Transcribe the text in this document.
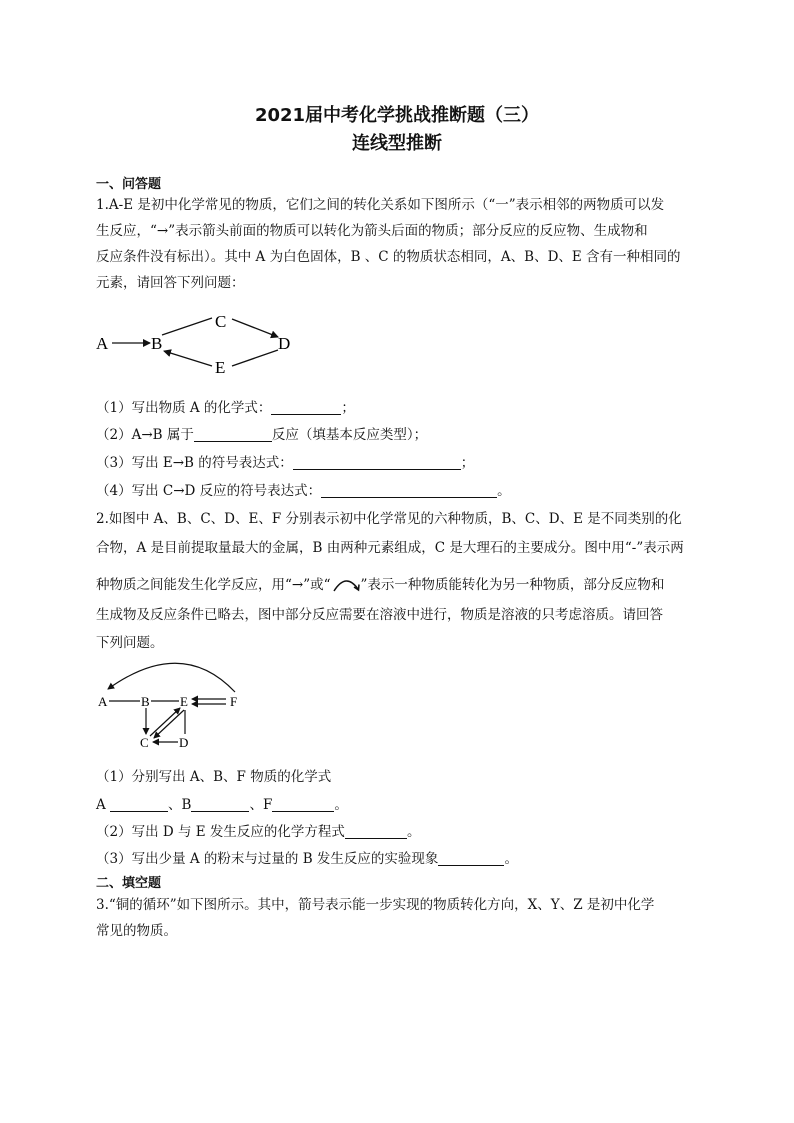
2021届中考化学挑战推断题（三）
连线型推断
一、问答题
1.A-E 是初中化学常见的物质，它们之间的转化关系如下图所示（“一”表示相邻的两物质可以发
生反应，“→”表示箭头前面的物质可以转化为箭头后面的物质；部分反应的反应物、生成物和
反应条件没有标出）。其中 A 为白色固体，B 、C 的物质状态相同，A、B、D、E 含有一种相同的
元素，请回答下列问题：
A	B
C
D
E
（1）写出物质 A 的化学式：	；
（2）A→B 属于	反应（填基本反应类型）；
（3）写出 E→B 的符号表达式：	；
（4）写出 C→D 反应的符号表达式：	。
2.如图中 A、B、C、D、E、F 分别表示初中化学常见的六种物质，B、C、D、E 是不同类别的化
合物，A 是目前提取量最大的金属，B 由两种元素组成，C 是大理石的主要成分。图中用“-”表示两
种物质之间能发生化学反应，用“→”或“ ”表示一种物质能转化为另一种物质，部分反应物和
生成物及反应条件已略去，图中部分反应需要在溶液中进行，物质是溶液的只考虑溶质。请回答
下列问题。
A	B E	F
C D
（1）分别写出 A、B、F 物质的化学式
A	、B	、F	。
（2）写出 D 与 E 发生反应的化学方程式	。
（3）写出少量 A 的粉末与过量的 B 发生反应的实验现象	。
二、填空题
3.“铜的循环”如下图所示。其中，箭号表示能一步实现的物质转化方向，X、Y、Z 是初中化学
常见的物质。
